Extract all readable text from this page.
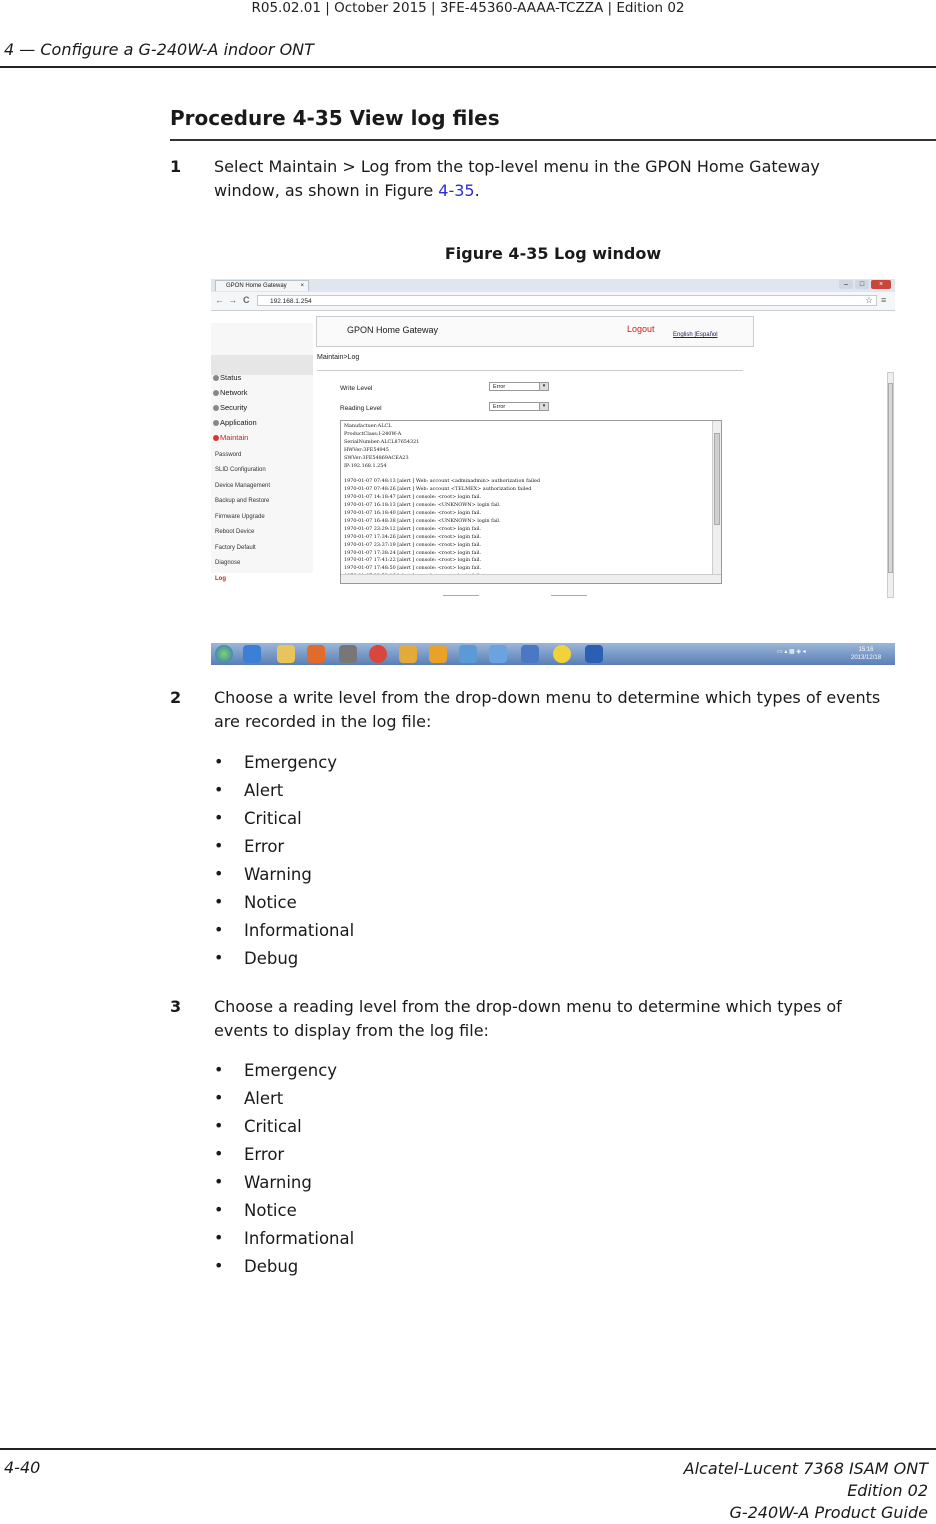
R05.02.01 | October 2015 | 3FE-45360-AAAA-TCZZA | Edition 02
4 — Configure a G-240W-A indoor ONT
Procedure 4-35 View log files
1 Select Maintain > Log from the top-level menu in the GPON Home Gateway
window, as shown in Figure 4-35.
Figure 4-35 Log window
GPON Home Gateway ×	–	□	×
← → C	192.168.1.254	☆ ≡
Status
Network
Security
Application
Maintain
Password
SLID Configuration
Device Management
Backup and Restore
Firmware Upgrade
Reboot Device
Factory Default
Diagnose
Log
GPON Home Gateway	Logout
English |Español
Maintain>Log
Write Level	Error	▾
Reading Level	Error	▾
Manufactuer:ALCL
ProductClass:I-240W-A
SerialNumber:ALCL87654321
HWVer:3FE54945
SWVer:3FE54869ACEA23
IP:192.168.1.254

1970-01-07 07:48:13 [alert ] Web: account <adminadmin> authorization failed
1970-01-07 07:48:26 [alert ] Web: account <TELMEX> authorization failed
1970-01-07 14:18:47 [alert ] console: <root> login fail.
1970-01-07 16:18:13 [alert ] console: <UNKNOWN> login fail.
1970-01-07 16:18:40 [alert ] console: <root> login fail.
1970-01-07 16:48:38 [alert ] console: <UNKNOWN> login fail.
1970-01-07 23:29:12 [alert ] console: <root> login fail.
1970-01-07 17:34:26 [alert ] console: <root> login fail.
1970-01-07 23:37:19 [alert ] console: <root> login fail.
1970-01-07 17:38:24 [alert ] console: <root> login fail.
1970-01-07 17:41:22 [alert ] console: <root> login fail.
1970-01-07 17:48:50 [alert ] console: <root> login fail.

▭ ▴ ▦ ◈ ◂	15:16
2013/12/18
2 Choose a write level from the drop-down menu to determine which types of events
are recorded in the log file:
• Emergency
• Alert
• Critical
• Error
• Warning
• Notice
• Informational
• Debug
3 Choose a reading level from the drop-down menu to determine which types of
events to display from the log file:
• Emergency
• Alert
• Critical
• Error
• Warning
• Notice
• Informational
• Debug
4-40	Alcatel-Lucent 7368 ISAM ONT
Edition 02
G-240W-A Product Guide
